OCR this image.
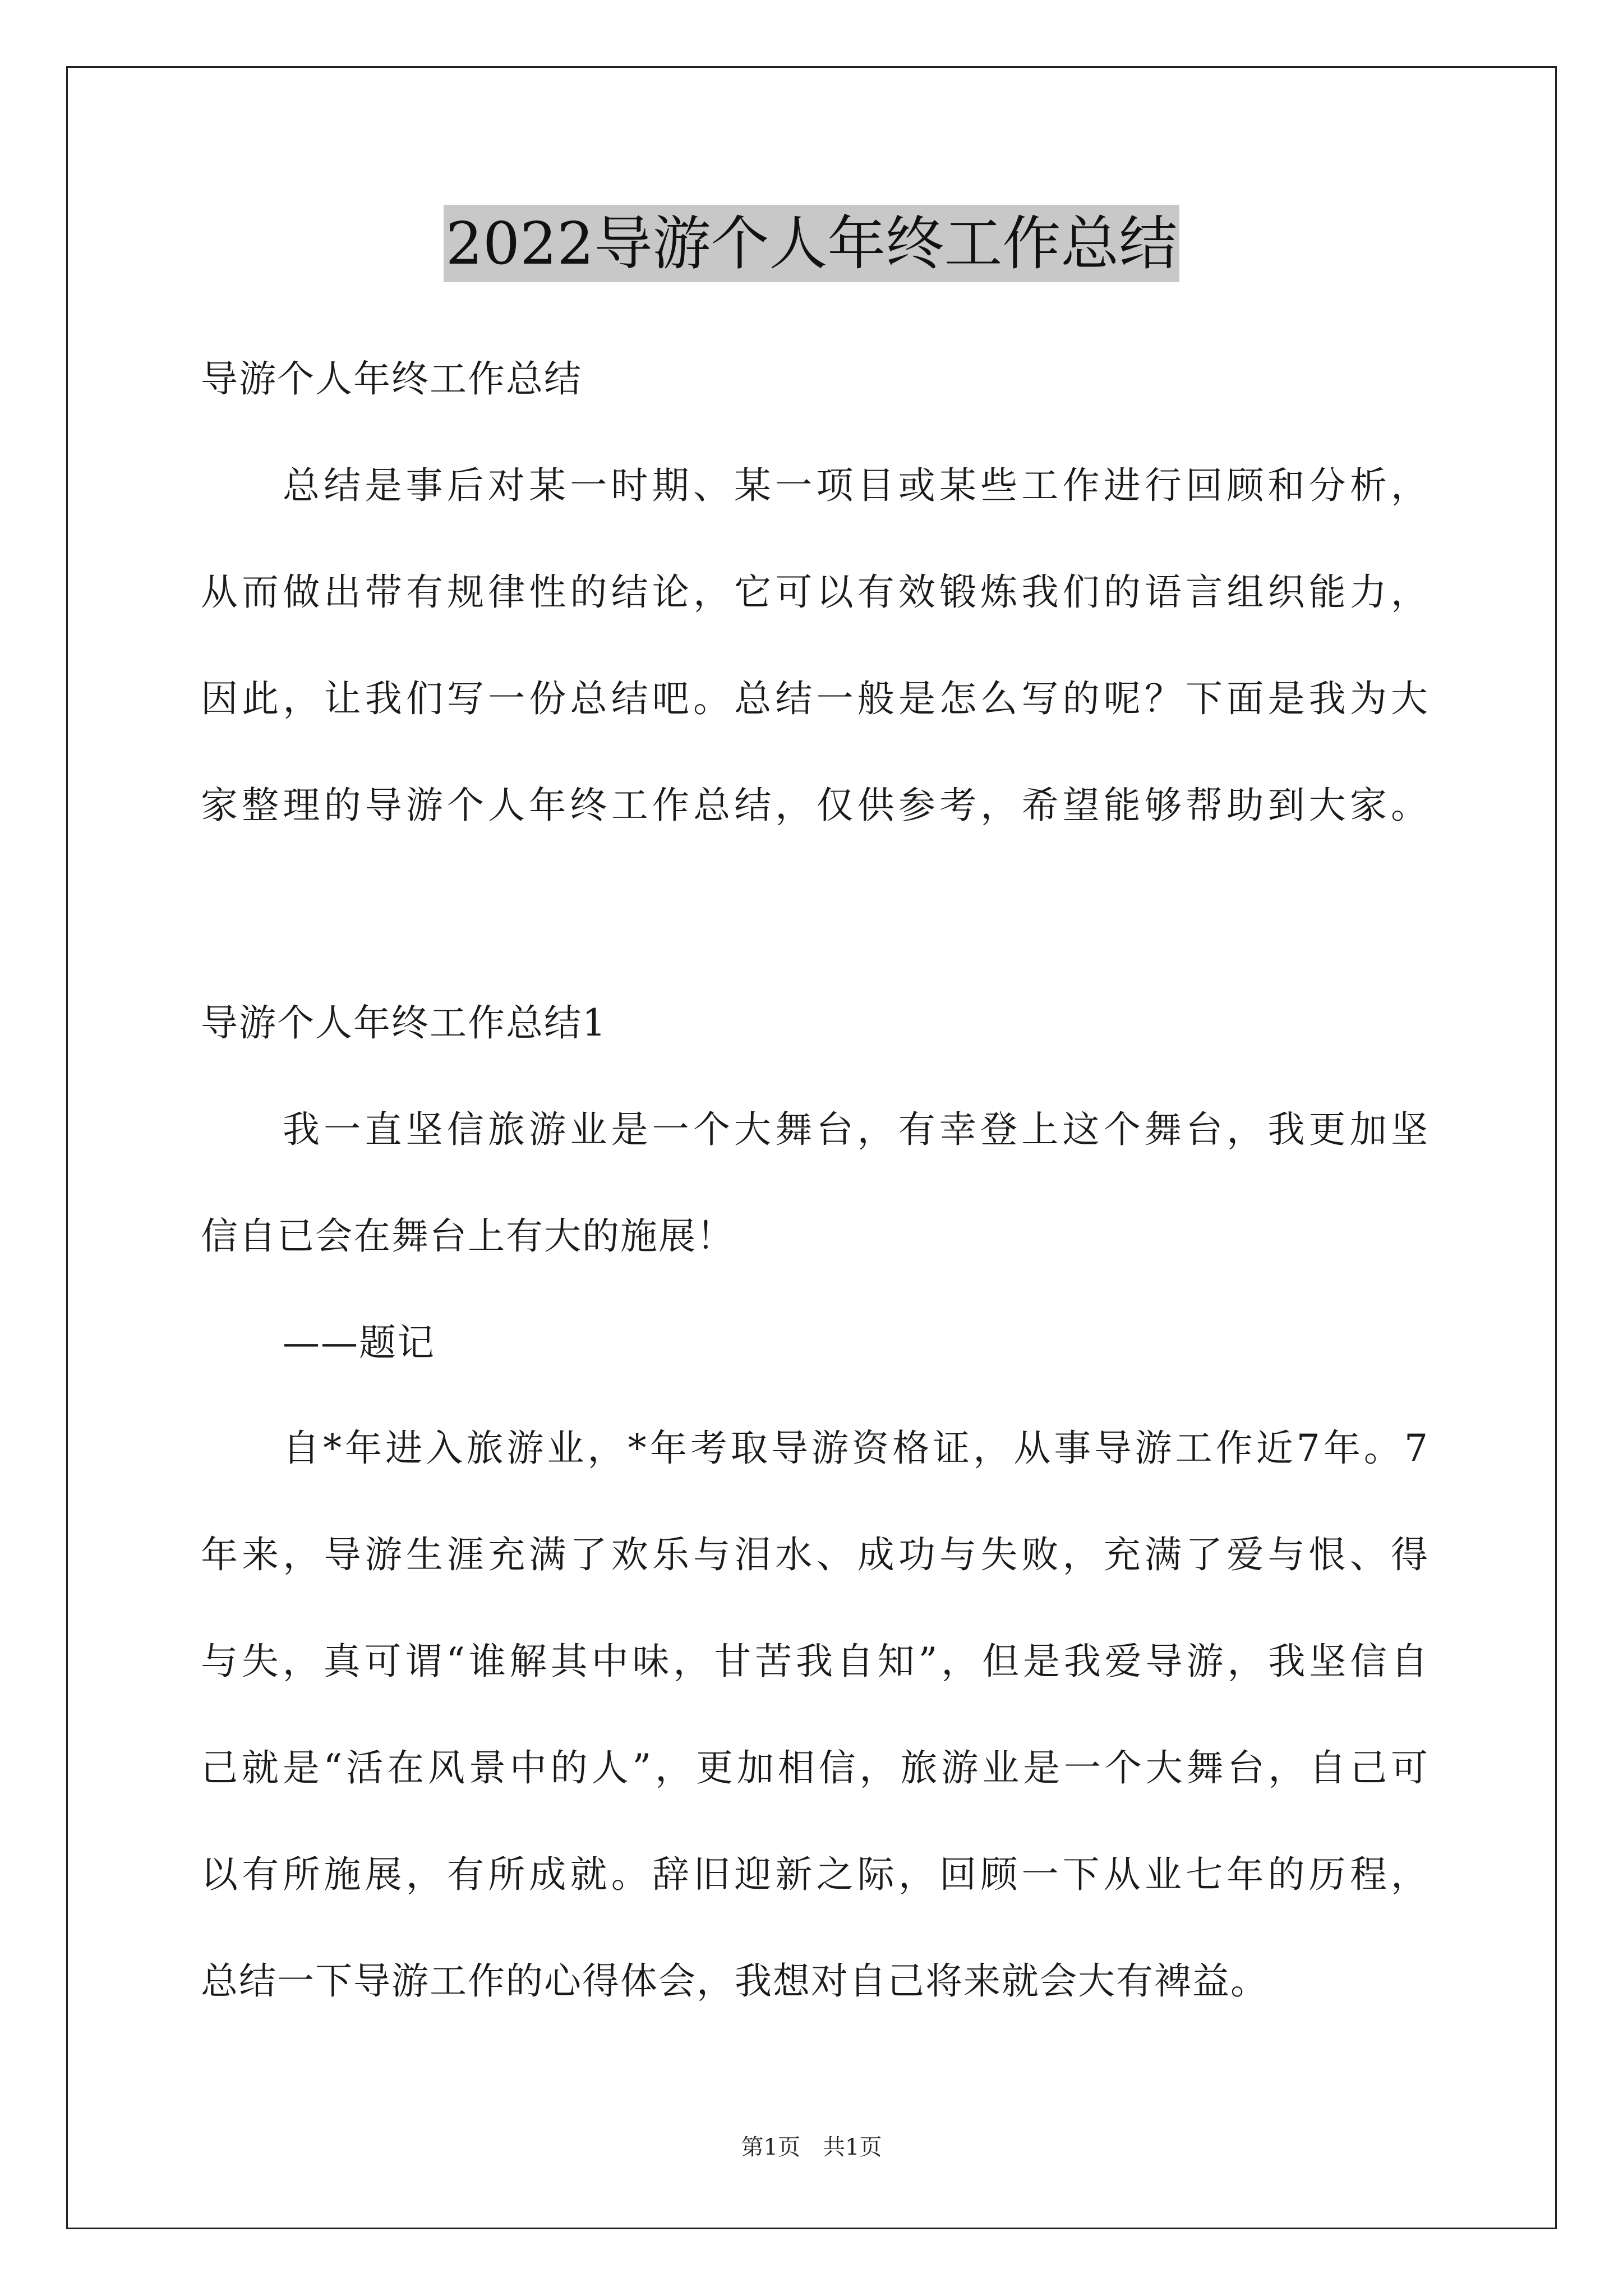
2022导游个人年终工作总结
导游个人年终工作总结
总结是事后对某一时期、某一项目或某些工作进行回顾和分析，
从而做出带有规律性的结论，它可以有效锻炼我们的语言组织能力，
因此，让我们写一份总结吧。总结一般是怎么写的呢？下面是我为大
家整理的导游个人年终工作总结，仅供参考，希望能够帮助到大家。
导游个人年终工作总结1
我一直坚信旅游业是一个大舞台，有幸登上这个舞台，我更加坚
信自已会在舞台上有大的施展！
——题记
自*年进入旅游业，*年考取导游资格证，从事导游工作近7年。7
年来，导游生涯充满了欢乐与泪水、成功与失败，充满了爱与恨、得
与失，真可谓“谁解其中味，甘苦我自知”，但是我爱导游，我坚信自
己就是“活在风景中的人”，更加相信，旅游业是一个大舞台，自己可
以有所施展，有所成就。辞旧迎新之际，回顾一下从业七年的历程，
总结一下导游工作的心得体会，我想对自己将来就会大有裨益。
第1页　共1页
